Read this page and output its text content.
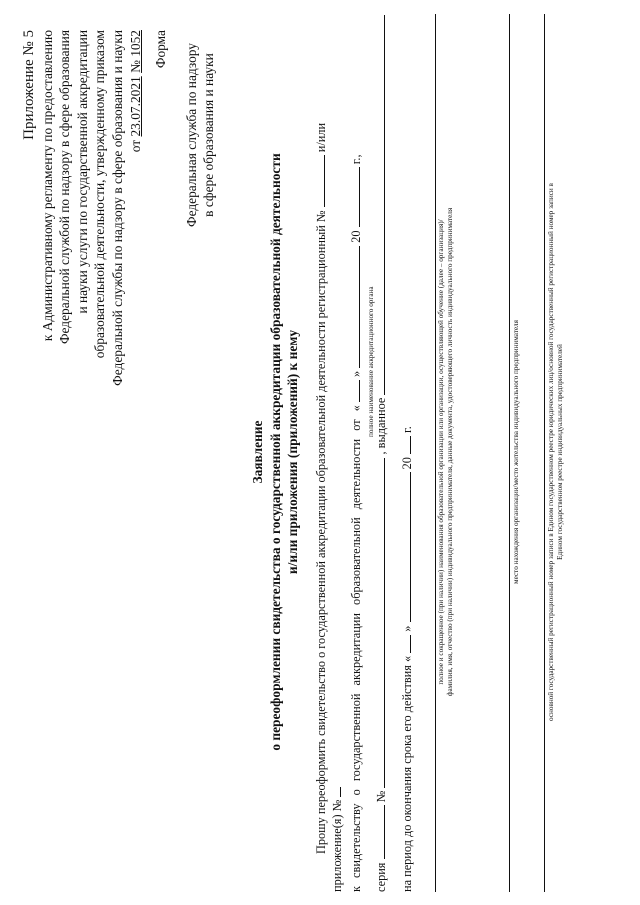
Приложение № 5 к Административному регламенту по предоставлению Федеральной службой по надзору в сфере образования и науки услуги по государственной аккредитации образовательной деятельности, утвержденному приказом Федеральной службы по надзору в сфере образования и науки от 23.07.2021 № 1052 Форма Федеральная служба по надзору в сфере образования и науки
Заявление о переоформлении свидетельства о государственной аккредитации образовательной деятельности и/или приложения (приложений) к нему Прошу переоформить свидетельство о государственной аккредитации образовательной деятельности регистрационный №  и/или
приложение(я) № к свидетельству о государственной аккредитации образовательной деятельности от «  »  20  г.,
полное наименование аккредитационного органа
серия  №  , выданное
на период до окончания срока его действия «  »  20  г.	полное и сокращенное (при наличии) наименования образовательной организации или организации, осуществляющей обучение (далее – организация)/ фамилия, имя, отчество (при наличии) индивидуального предпринимателя, данные документа, удостоверяющего личность индивидуального предпринимателя	место нахождения организации/место жительства индивидуального предпринимателя	основной государственный регистрационный номер записи в Едином государственном реестре юридических лиц/основной государственный регистрационный номер записи в Едином государственном реестре индивидуальных предпринимателей
